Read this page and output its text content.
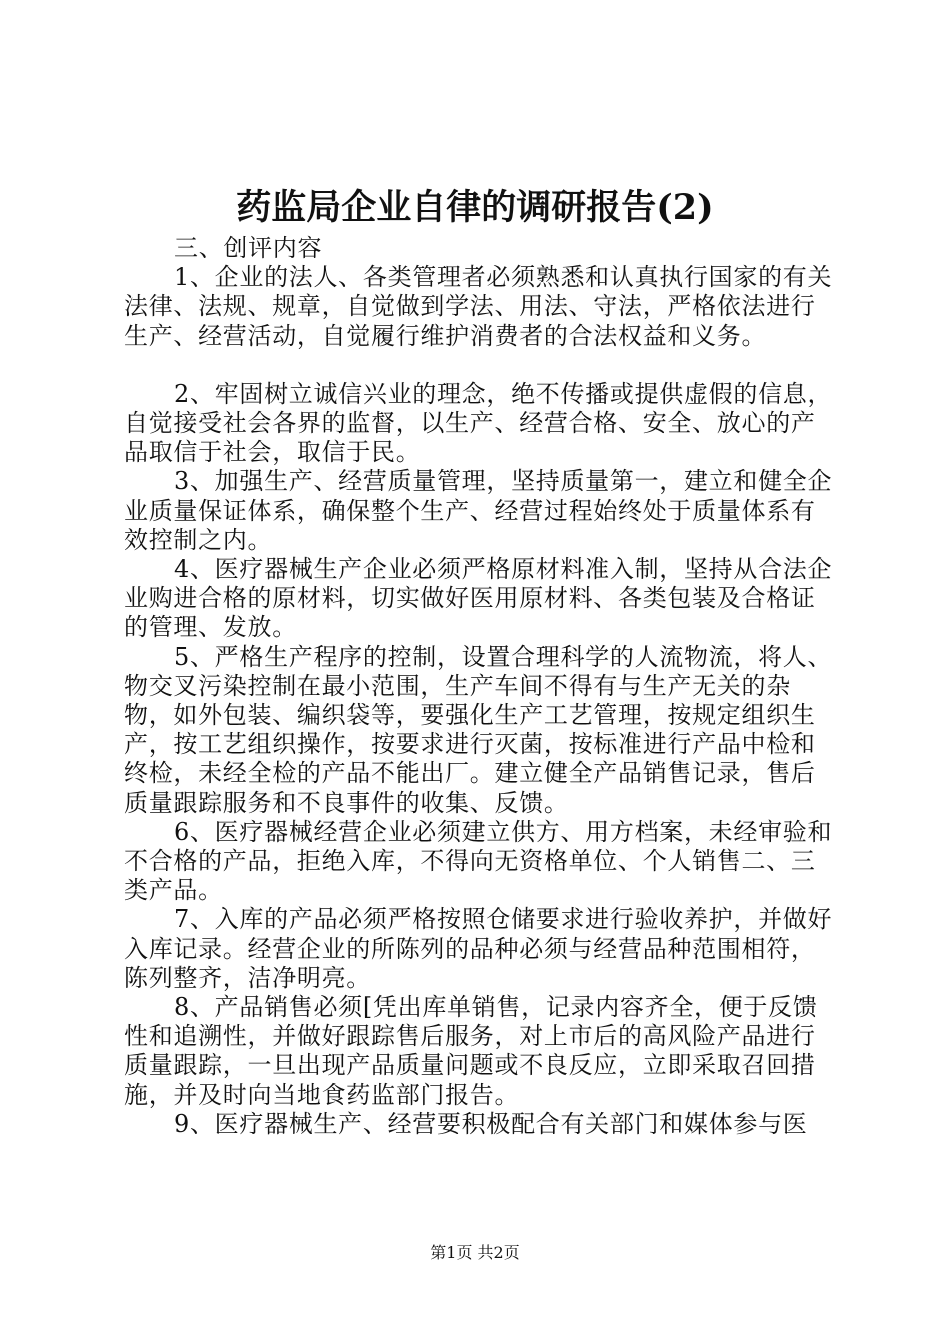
药监局企业自律的调研报告(2)

三、创评内容

1、企业的法人、各类管理者必须熟悉和认真执行国家的有关法律、法规、规章，自觉做到学法、用法、守法，严格依法进行生产、经营活动，自觉履行维护消费者的合法权益和义务。

2、牢固树立诚信兴业的理念，绝不传播或提供虚假的信息，自觉接受社会各界的监督，以生产、经营合格、安全、放心的产品取信于社会，取信于民。

3、加强生产、经营质量管理，坚持质量第一，建立和健全企业质量保证体系，确保整个生产、经营过程始终处于质量体系有效控制之内。

4、医疗器械生产企业必须严格原材料准入制，坚持从合法企业购进合格的原材料，切实做好医用原材料、各类包装及合格证的管理、发放。

5、严格生产程序的控制，设置合理科学的人流物流，将人、物交叉污染控制在最小范围，生产车间不得有与生产无关的杂物，如外包装、编织袋等，要强化生产工艺管理，按规定组织生产，按工艺组织操作，按要求进行灭菌，按标准进行产品中检和终检，未经全检的产品不能出厂。建立健全产品销售记录，售后质量跟踪服务和不良事件的收集、反馈。

6、医疗器械经营企业必须建立供方、用方档案，未经审验和不合格的产品，拒绝入库，不得向无资格单位、个人销售二、三类产品。

7、入库的产品必须严格按照仓储要求进行验收养护，并做好入库记录。经营企业的所陈列的品种必须与经营品种范围相符，陈列整齐，洁净明亮。

8、产品销售必须[凭出库单销售，记录内容齐全，便于反馈性和追溯性，并做好跟踪售后服务，对上市后的高风险产品进行质量跟踪，一旦出现产品质量问题或不良反应，立即采取召回措施，并及时向当地食药监部门报告。

9、医疗器械生产、经营要积极配合有关部门和媒体参与医

第1页 共2页
